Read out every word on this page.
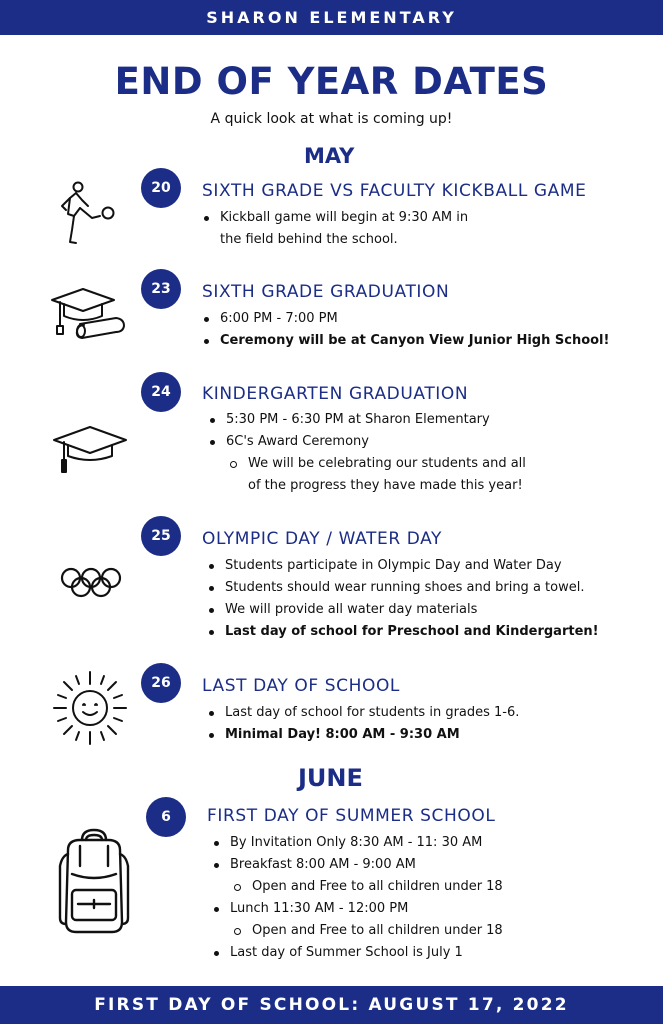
SHARON ELEMENTARY
END OF YEAR DATES
A quick look at what is coming up!
MAY
20	SIXTH GRADE VS FACULTY KICKBALL GAME
Kickball game will begin at 9:30 AM in
the field behind the school.
23	SIXTH GRADE GRADUATION
6:00 PM - 7:00 PM
Ceremony will be at Canyon View Junior High School!
24	KINDERGARTEN GRADUATION
5:30 PM - 6:30 PM at Sharon Elementary
6C's Award Ceremony
We will be celebrating our students and all
of the progress they have made this year!
25	OLYMPIC DAY / WATER DAY
Students participate in Olympic Day and Water Day
Students should wear running shoes and bring a towel.
We will provide all water day materials
Last day of school for Preschool and Kindergarten!
26	LAST DAY OF SCHOOL
Last day of school for students in grades 1-6.
Minimal Day! 8:00 AM - 9:30 AM
JUNE
6	FIRST DAY OF SUMMER SCHOOL
By Invitation Only 8:30 AM - 11: 30 AM
Breakfast 8:00 AM - 9:00 AM
Open and Free to all children under 18
Lunch 11:30 AM - 12:00 PM
Open and Free to all children under 18
Last day of Summer School is July 1
FIRST DAY OF SCHOOL: AUGUST 17, 2022
